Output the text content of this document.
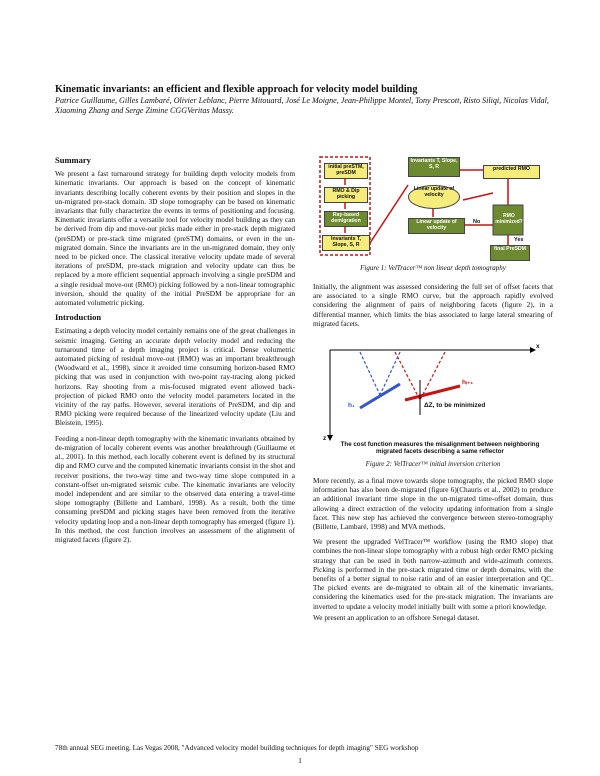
Kinematic invariants: an efficient and flexible approach for velocity model building
Patrice Guillaume, Gilles Lambaré, Olivier Leblanc, Pierre Mitouard, José Le Moigne, Jean-Philippe Montel, Tony Prescott, Rísto Siliqi, Nicolas Vidal, Xiaoming Zhang and Serge Zimine CGGVeritas Massy.
Summary

We present a fast turnaround strategy for building depth velocity models from kinematic invariants. Our approach is based on the concept of kinematic invariants describing locally coherent events by their position and slopes in the un-migrated pre-stack domain. 3D slope tomography can be based on kinematic invariants that fully characterize the events in terms of positioning and focusing. Kinematic invariants offer a versatile tool for velocity model building as they can be derived from dip and move-out picks made either in pre-stack depth migrated (preSDM) or pre-stack time migrated (preSTM) domains, or even in the un-migrated domain. Since the invariants are in the un-migrated domain, they only need to be picked once. The classical iterative velocity update made of several iterations of preSDM, pre-stack migration and velocity update can thus be replaced by a more efficient sequential approach involving a single preSDM and a single residual move-out (RMO) picking followed by a non-linear tomographic inversion, should the quality of the initial PreSDM be appropriate for an automated volumetric picking.

Introduction

Estimating a depth velocity model certainly remains one of the great challenges in seismic imaging. Getting an accurate depth velocity model and reducing the turnaround time of a depth imaging project is critical. Dense volumetric automated picking of residual move-out (RMO) was an important breakthrough (Woodward et al., 1998), since it avoided time consuming horizon-based RMO picking that was used in conjunction with two-point ray-tracing along picked horizons. Ray shooting from a mis-focused migrated event allowed back-projection of picked RMO onto the velocity model parameters located in the vicinity of the ray paths. However, several iterations of PreSDM, and dip and RMO picking were required because of the linearized velocity update (Liu and Bleistein, 1995).

Feeding a non-linear depth tomography with the kinematic invariants obtained by de-migration of locally coherent events was another breakthrough (Guillaume et al., 2001). In this method, each locally coherent event is defined by its structural dip and RMO curve and the computed kinematic invariants consist in the shot and receiver positions, the two-way time and two-way time slope computed in a constant-offset un-migrated seismic cube. The kinematic invariants are velocity model independent and are similar to the observed data entering a travel-time slope tomography (Billette and Lambaré, 1998). As a result, both the time consuming preSDM and picking stages have been removed from the iterative velocity updating loop and a non-linear depth tomography has emerged (figure 1). In this method, the cost function involves an assessment of the alignment of migrated facets (figure 2).

initial preSTM, preSDM
RMO & Dip picking
Ray-based demigration
Invariants T, Slope, S, R
Invariants T, Slope, S, R	predicted RMO
Linear update of velocity
Linear update of velocity
RMO minimized?
No
Yes
final PreSDM
Figure 1: VelTracer™ non linear depth tomography
x
z
h₁
hᵢ₊₁
ΔZ, to be minimized
The cost function measures the misalignment between neighboring migrated facets describing a same reflector
Figure 2: VelTracer™ initial inversion criterion

Initially, the alignment was assessed considering the full set of offset facets that are associated to a single RMO curve, but the approach rapidly evolved considering the alignment of pairs of neighboring facets (figure 2), in a differential manner, which limits the bias associated to large lateral smearing of migrated facets.

More recently, as a final move towards slope tomography, the picked RMO slope information has also been de-migrated (figure 6)(Chauris et al., 2002) to produce an additional invariant time slope in the un-migrated time-offset domain, thus allowing a direct extraction of the velocity updating information from a single facet. This new step has achieved the convergence between stereo-tomography (Billette, Lambaré, 1998) and MVA methods.

We present the upgraded VelTracer™ workflow (using the RMO slope) that combines the non-linear slope tomography with a robust high order RMO picking strategy that can be used in both narrow-azimuth and wide-azimuth contexts. Picking is performed in the pre-stack migrated time or depth domains, with the benefits of a better signal to noise ratio and of an easier interpretation and QC. The picked events are de-migrated to obtain all of the kinematic invariants, considering the kinematics used for the pre-stack migration. The invariants are inverted to update a velocity model initially built with some a priori knowledge.

We present an application to an offshore Senegal dataset.

78th annual SEG meeting, Las Vegas 2008, "Advanced velocity model building techniques for depth imaging" SEG workshop
1
